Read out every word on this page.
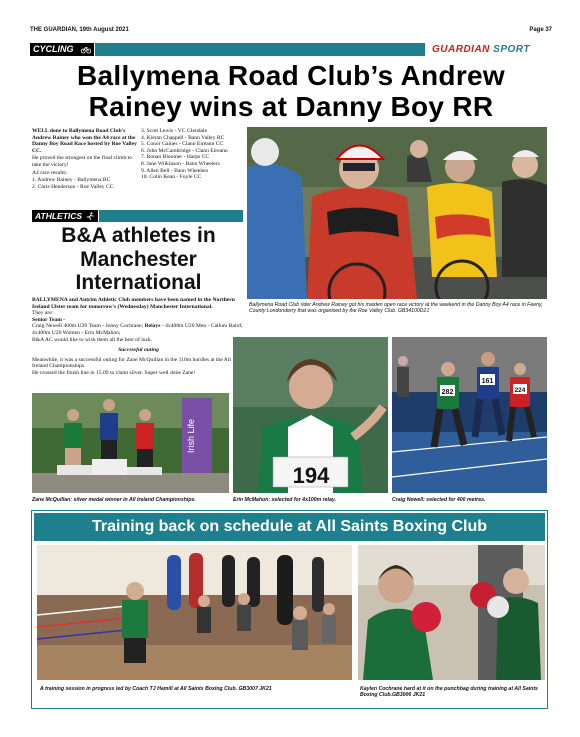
THE GUARDIAN, 19th August 2021	Page 37
CYCLING	GUARDIAN SPORT
Ballymena Road Club’s Andrew Rainey wins at Danny Boy RR

WELL done to Ballymena Road Club's Andrew Rainey who won the A4 race at the Danny Boy Road Race hosted by Roe Valley CC.

He proved the strongest on the final climb to take the victory!

A4 race results:

1. Andrew Rainey - Ballymena RC
2. Chris Henderson - Roe Valley CC
3. Scott Lewis - VC Glendale
4. Kieran Chappell - Bann Valley RC
5. Conor Gaines - Clann Eireann CC
6. John McCambridge - Clann Eireann
7. Ronan Bloomer - Harps CC
8. Jane Wilkinson - Bann Wheelers
9. Allen Bell - Bann Wheelers
10. Colin Kean - Foyle CC
Ballymena Road Club rider Andrew Rainey got his maiden open race victory at the weekend in the Danny Boy A4 race in Feeny, County Londonderry that was organised by the Roe Valley Club. GB34100D21
ATHLETICS
B&A athletes in Manchester International

BALLYMENA and Antrim Athletic Club members have been named in the Northern Ireland Ulster team for tomorrow's (Wednesday) Manchester International.

They are:

Senior Team -

Craig Newell 400m U20 Team - Jonny Cochrane; Relays - 4x400m U20 Men - Callum Baird; 4x400m U20 Women - Erin McMahon;

B&A AC would like to wish them all the best of luck.

Successful outing

Meanwhile, it was a successful outing for Zane McQuillan in the 110m hurdles at the All Ireland Championships.

He crossed the finish line in 15.09 to claim silver. Super well done Zane!

Irish Life
194
282
161
224
Zane McQuillan: silver medal winner in All Ireland Championships.	Erin McMahon: selected for 4x100m relay.	Craig Newell: selected for 400 metres.
Training back on schedule at All Saints Boxing Club
A training session in progress led by Coach TJ Hamill at All Saints Boxing Club. GB3007 JK21	Kaylen Cochrane hard at it on the punchbag during training at All Saints Boxing Club.GB3006 JK21
